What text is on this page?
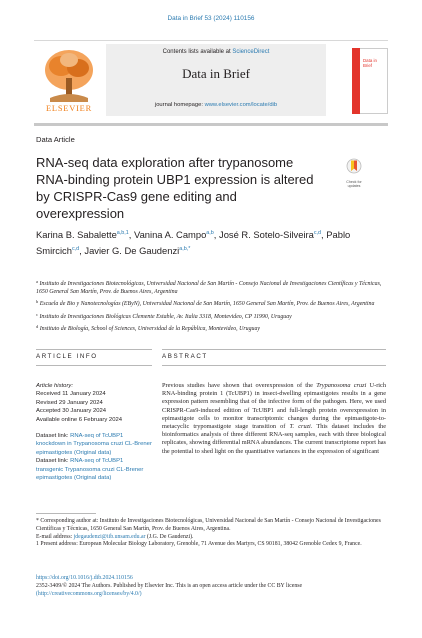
Data in Brief 53 (2024) 110156
ELSEVIER
Contents lists available at ScienceDirect
Data in Brief
journal homepage: www.elsevier.com/locate/dib
Data in Brief
Data Article
RNA-seq data exploration after trypanosome RNA-binding protein UBP1 expression is altered by CRISPR-Cas9 gene editing and overexpression
Check for updates
Karina B. Sabalette$^{a,b,1}$, Vanina A. Campo$^{a,b}$, José R. Sotelo-Silveira$^{c,d}$, Pablo Smircich$^{c,d}$, Javier G. De Gaudenzi$^{a,b,*}$
$^a$ Instituto de Investigaciones Biotecnológicas, Universidad Nacional de San Martín - Consejo Nacional de Investigaciones Científicas y Técnicas, 1650 General San Martín, Prov. de Buenos Aires, Argentina
$^b$ Escuela de Bio y Nanotecnologías (EByN), Universidad Nacional de San Martín, 1650 General San Martín, Prov. de Buenos Aires, Argentina
$^c$ Instituto de Investigaciones Biológicas Clemente Estable, Av. Italia 3318, Montevideo, CP 11990, Uruguay
$^d$ Instituto de Biología, School of Sciences, Universidad de la República, Montevideo, Uruguay
ARTICLE INFO	ABSTRACT
Article history:
Received 11 January 2024
Revised 29 January 2024
Accepted 30 January 2024
Available online 6 February 2024
Dataset link: RNA-seq of TcUBP1 knockdown in Trypanosoma cruzi CL-Brener epimastigotes (Original data)
Dataset link: RNA-seq of TcUBP1 transgenic Trypanosoma cruzi CL-Brener epimastigotes (Original data)
Previous studies have shown that overexpression of the Trypanosoma cruzi U-rich RNA-binding protein 1 (TcUBP1) in insect-dwelling epimastigotes results in a gene expression pattern resembling that of the infective form of the pathogen. Here, we used CRISPR-Cas9-induced edition of TcUBP1 and full-length protein overexpression in epimastigote cells to monitor transcriptomic changes during the epimastigote-to-metacyclic trypomastigote stage transition of T. cruzi. This dataset includes the bioinformatics analysis of three different RNA-seq samples, each with three biological replicates, showing differential mRNA abundances. The current transcriptome report has the potential to shed light on the quantitative variances in the expression of significant
* Corresponding author at: Instituto de Investigaciones Biotecnológicas, Universidad Nacional de San Martín - Consejo Nacional de Investigaciones Científicas y Técnicas, 1650 General San Martín, Prov. de Buenos Aires, Argentina.
E-mail address: jdegaudenzi@iib.unsam.edu.ar (J.G. De Gaudenzi).
1 Present address: European Molecular Biology Laboratory, Grenoble, 71 Avenue des Martyrs, CS 90181, 38042 Grenoble Cedex 9, France.
https://doi.org/10.1016/j.dib.2024.110156
2352-3409/© 2024 The Authors. Published by Elsevier Inc. This is an open access article under the CC BY license
(http://creativecommons.org/licenses/by/4.0/)
